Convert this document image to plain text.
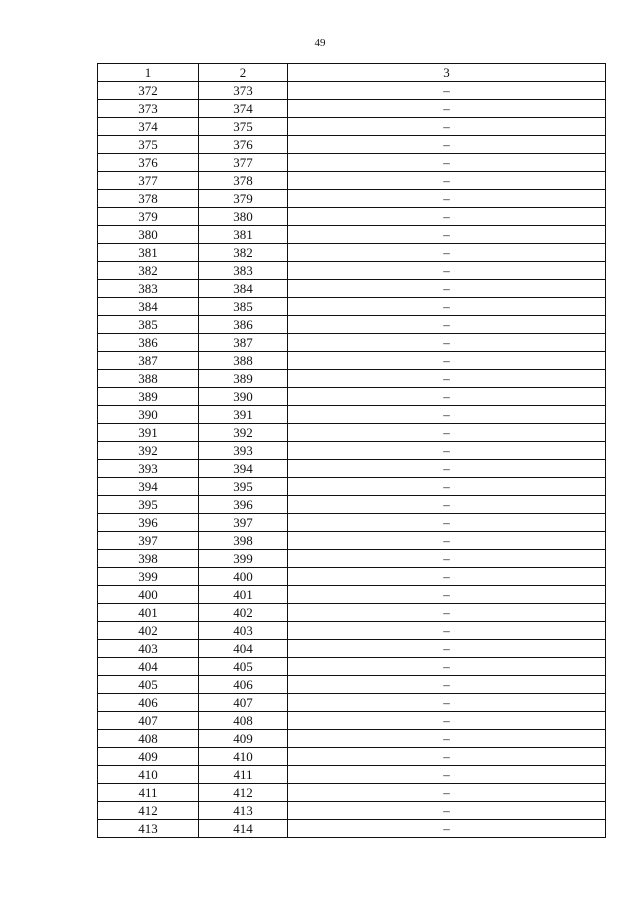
49
1	2	3
372	373	–
373	374	–
374	375	–
375	376	–
376	377	–
377	378	–
378	379	–
379	380	–
380	381	–
381	382	–
382	383	–
383	384	–
384	385	–
385	386	–
386	387	–
387	388	–
388	389	–
389	390	–
390	391	–
391	392	–
392	393	–
393	394	–
394	395	–
395	396	–
396	397	–
397	398	–
398	399	–
399	400	–
400	401	–
401	402	–
402	403	–
403	404	–
404	405	–
405	406	–
406	407	–
407	408	–
408	409	–
409	410	–
410	411	–
411	412	–
412	413	–
413	414	–
